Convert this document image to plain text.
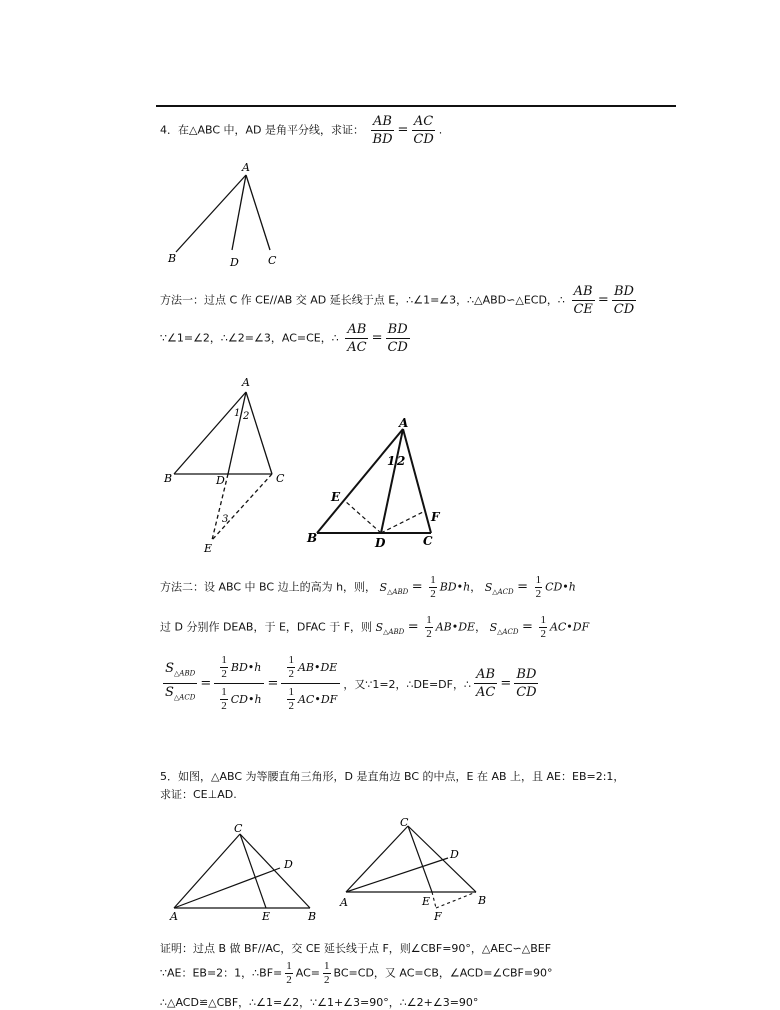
4．在△ABC 中，AD 是角平分线，求证： $\frac{AB}{BD} = \frac{AC}{CD}$ .
A
B	D	C
方法一：过点 C 作 CE//AB 交 AD 延长线于点 E，∴∠1=∠3，∴△ABD∽△ECD，∴ $\frac{AB}{CE} = \frac{BD}{CD}$
∵∠1=∠2，∴∠2=∠3，AC=CE，∴ $\frac{AB}{AC} = \frac{BD}{CD}$
A
1 2
B	D	C
3
E
A
1 2
E
F
B	D	C
方法二：设 ABC 中 BC 边上的高为 h，则， $S_{\triangle ABD} = \frac{1}{2}$ BD•h， $S_{\triangle ACD} = \frac{1}{2}$ CD•h
过 D 分别作 DEAB，于 E，DFAC 于 F，则 $S_{\triangle ABD} = \frac{1}{2}$ AB•DE， $S_{\triangle ACD} = \frac{1}{2}$ AC•DF
$\frac{S_{\triangle ABD}}{S_{\triangle ACD}} = \frac{\frac{1}{2} BD•h}{\frac{1}{2} CD•h} = \frac{\frac{1}{2} AB•DE}{\frac{1}{2} AC•DF}$ ，又∵1=2，∴DE=DF，∴ $\frac{AB}{AC} = \frac{BD}{CD}$
5．如图，△ABC 为等腰直角三角形，D 是直角边 BC 的中点，E 在 AB 上，且 AE：EB=2:1，
求证：CE⊥AD.
C
D
A	E	B
C
D
A	E	B
F
证明：过点 B 做 BF//AC，交 CE 延长线于点 F，则∠CBF=90°，△AEC∽△BEF
∵AE：EB=2：1，∴BF= $\frac{1}{2} AC= \frac{1}{2} BC=CD$，又 AC=CB，∠ACD=∠CBF=90°
∴△ACD≌△CBF，∴∠1=∠2，∵∠1+∠3=90°，∴∠2+∠3=90°
